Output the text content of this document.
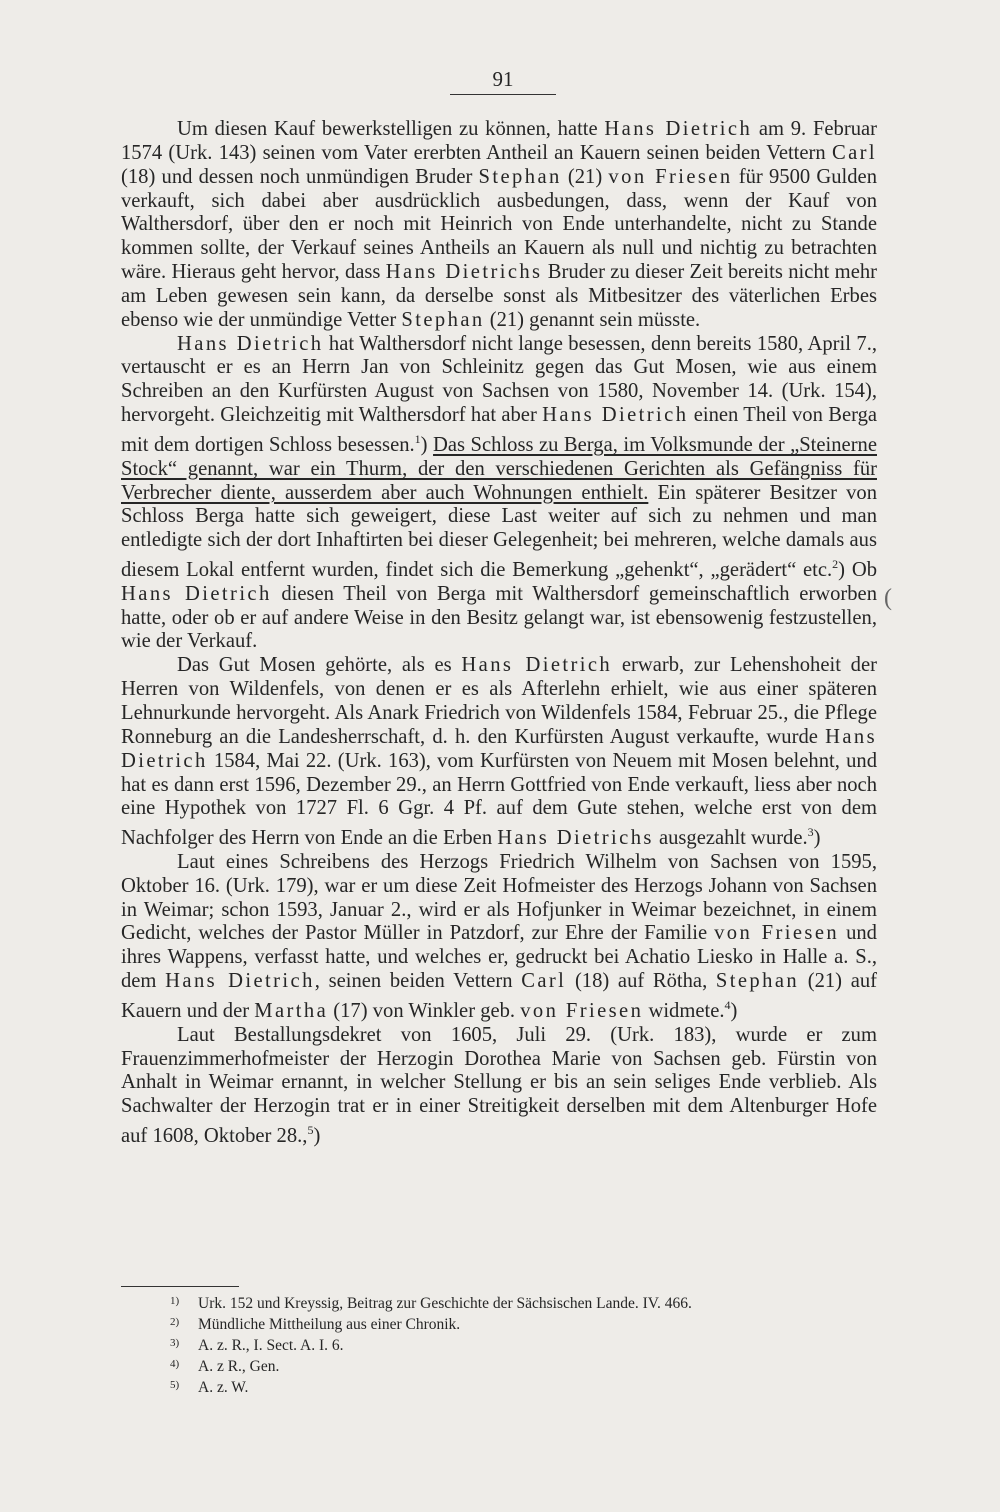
91

Um diesen Kauf bewerkstelligen zu können, hatte Hans Dietrich am 9. Februar 1574 (Urk. 143) seinen vom Vater ererbten Antheil an Kauern seinen beiden Vettern Carl (18) und dessen noch unmündigen Bruder Stephan (21) von Friesen für 9500 Gulden verkauft, sich dabei aber ausdrücklich ausbedungen, dass, wenn der Kauf von Walthersdorf, über den er noch mit Heinrich von Ende unterhandelte, nicht zu Stande kommen sollte, der Verkauf seines Antheils an Kauern als null und nichtig zu betrachten wäre. Hieraus geht hervor, dass Hans Dietrichs Bruder zu dieser Zeit bereits nicht mehr am Leben gewesen sein kann, da derselbe sonst als Mitbesitzer des väterlichen Erbes ebenso wie der unmündige Vetter Stephan (21) genannt sein müsste.

Hans Dietrich hat Walthersdorf nicht lange besessen, denn bereits 1580, April 7., vertauscht er es an Herrn Jan von Schleinitz gegen das Gut Mosen, wie aus einem Schreiben an den Kurfürsten August von Sachsen von 1580, November 14. (Urk. 154), hervorgeht. Gleichzeitig mit Walthersdorf hat aber Hans Dietrich einen Theil von Berga mit dem dortigen Schloss besessen.$^1$) Das Schloss zu Berga, im Volksmunde der „Steinerne Stock“ genannt, war ein Thurm, der den verschiedenen Gerichten als Gefängniss für Verbrecher diente, ausserdem aber auch Wohnungen enthielt. Ein späterer Besitzer von Schloss Berga hatte sich geweigert, diese Last weiter auf sich zu nehmen und man entledigte sich der dort Inhaftirten bei dieser Gelegenheit; bei mehreren, welche damals aus diesem Lokal entfernt wurden, findet sich die Bemerkung „gehenkt“, „gerädert“ etc.$^2$) Ob Hans Dietrich diesen Theil von Berga mit Walthersdorf gemeinschaftlich erworben hatte, oder ob er auf andere Weise in den Besitz gelangt war, ist ebensowenig festzustellen, wie der Verkauf.

Das Gut Mosen gehörte, als es Hans Dietrich erwarb, zur Lehenshoheit der Herren von Wildenfels, von denen er es als Afterlehn erhielt, wie aus einer späteren Lehnurkunde hervorgeht. Als Anark Friedrich von Wildenfels 1584, Februar 25., die Pflege Ronneburg an die Landesherrschaft, d. h. den Kurfürsten August verkaufte, wurde Hans Dietrich 1584, Mai 22. (Urk. 163), vom Kurfürsten von Neuem mit Mosen belehnt, und hat es dann erst 1596, Dezember 29., an Herrn Gottfried von Ende verkauft, liess aber noch eine Hypothek von 1727 Fl. 6 Ggr. 4 Pf. auf dem Gute stehen, welche erst von dem Nachfolger des Herrn von Ende an die Erben Hans Dietrichs ausgezahlt wurde.$^3$)

Laut eines Schreibens des Herzogs Friedrich Wilhelm von Sachsen von 1595, Oktober 16. (Urk. 179), war er um diese Zeit Hofmeister des Herzogs Johann von Sachsen in Weimar; schon 1593, Januar 2., wird er als Hofjunker in Weimar bezeichnet, in einem Gedicht, welches der Pastor Müller in Patzdorf, zur Ehre der Familie von Friesen und ihres Wappens, verfasst hatte, und welches er, gedruckt bei Achatio Liesko in Halle a. S., dem Hans Dietrich, seinen beiden Vettern Carl (18) auf Rötha, Stephan (21) auf Kauern und der Martha (17) von Winkler geb. von Friesen widmete.$^4$)

Laut Bestallungsdekret von 1605, Juli 29. (Urk. 183), wurde er zum Frauenzimmerhofmeister der Herzogin Dorothea Marie von Sachsen geb. Fürstin von Anhalt in Weimar ernannt, in welcher Stellung er bis an sein seliges Ende verblieb. Als Sachwalter der Herzogin trat er in einer Streitigkeit derselben mit dem Altenburger Hofe auf 1608, Oktober 28.,$^5$)

(
1) Urk. 152 und Kreyssig, Beitrag zur Geschichte der Sächsischen Lande. IV. 466.
2) Mündliche Mittheilung aus einer Chronik.
3) A. z. R., I. Sect. A. I. 6.
4) A. z R., Gen.
5) A. z. W.
